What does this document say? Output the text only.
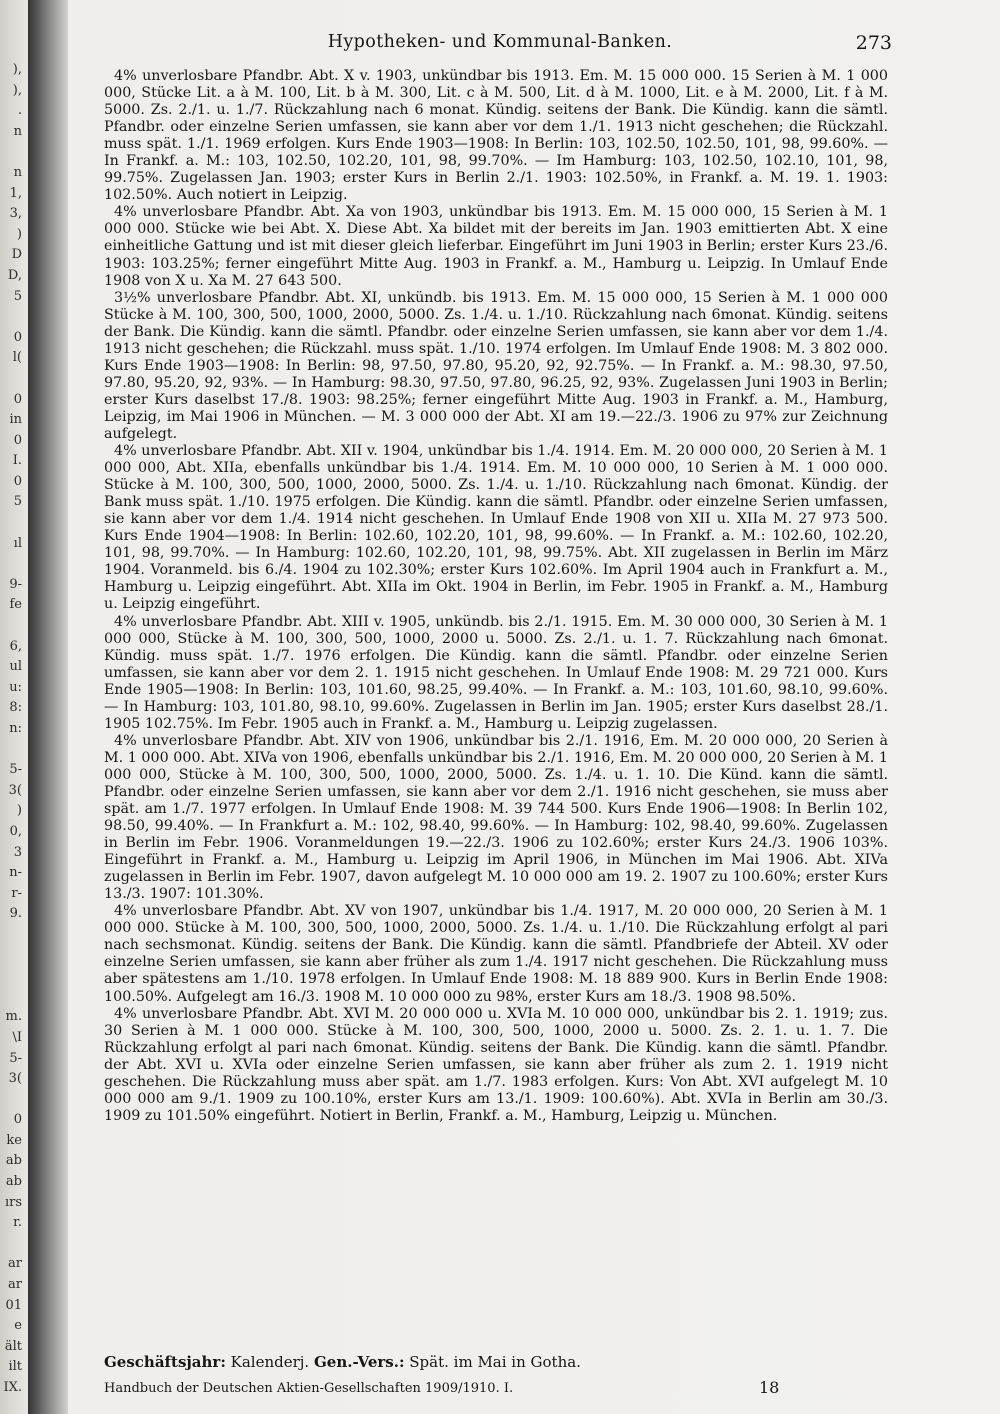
),
),
.
n
n
1,
3,
)
D
D,
5
0
l(
0
in
0
I.
0
5
ıl
9-
fe
6,
ul
u:
8:
n:
5-
3(
)
0,
3
n-
r-
9.
m.
\I
5-
3(
0
ke
ab
ab
ırs
r.
ar
ar
01
e
ält
ilt
IX.
Hypotheken- und Kommunal-Banken.	273

4% unverlosbare Pfandbr. Abt. X v. 1903, unkündbar bis 1913. Em. M. 15 000 000. 15 Serien à M. 1 000 000, Stücke Lit. a à M. 100, Lit. b à M. 300, Lit. c à M. 500, Lit. d à M. 1000, Lit. e à M. 2000, Lit. f à M. 5000. Zs. 2./1. u. 1./7. Rückzahlung nach 6 monat. Kündig. seitens der Bank. Die Kündig. kann die sämtl. Pfandbr. oder einzelne Serien umfassen, sie kann aber vor dem 1./1. 1913 nicht geschehen; die Rückzahl. muss spät. 1./1. 1969 erfolgen. Kurs Ende 1903—1908: In Berlin: 103, 102.50, 102.50, 101, 98, 99.60%. — In Frankf. a. M.: 103, 102.50, 102.20, 101, 98, 99.70%. — Im Hamburg: 103, 102.50, 102.10, 101, 98, 99.75%. Zugelassen Jan. 1903; erster Kurs in Berlin 2./1. 1903: 102.50%, in Frankf. a. M. 19. 1. 1903: 102.50%. Auch notiert in Leipzig.

4% unverlosbare Pfandbr. Abt. Xa von 1903, unkündbar bis 1913. Em. M. 15 000 000, 15 Serien à M. 1 000 000. Stücke wie bei Abt. X. Diese Abt. Xa bildet mit der bereits im Jan. 1903 emittierten Abt. X eine einheitliche Gattung und ist mit dieser gleich lieferbar. Eingeführt im Juni 1903 in Berlin; erster Kurs 23./6. 1903: 103.25%; ferner eingeführt Mitte Aug. 1903 in Frankf. a. M., Hamburg u. Leipzig. In Umlauf Ende 1908 von X u. Xa M. 27 643 500.

3½% unverlosbare Pfandbr. Abt. XI, unkündb. bis 1913. Em. M. 15 000 000, 15 Serien à M. 1 000 000 Stücke à M. 100, 300, 500, 1000, 2000, 5000. Zs. 1./4. u. 1./10. Rückzahlung nach 6monat. Kündig. seitens der Bank. Die Kündig. kann die sämtl. Pfandbr. oder einzelne Serien umfassen, sie kann aber vor dem 1./4. 1913 nicht geschehen; die Rückzahl. muss spät. 1./10. 1974 erfolgen. Im Umlauf Ende 1908: M. 3 802 000. Kurs Ende 1903—1908: In Berlin: 98, 97.50, 97.80, 95.20, 92, 92.75%. — In Frankf. a. M.: 98.30, 97.50, 97.80, 95.20, 92, 93%. — In Hamburg: 98.30, 97.50, 97.80, 96.25, 92, 93%. Zugelassen Juni 1903 in Berlin; erster Kurs daselbst 17./8. 1903: 98.25%; ferner eingeführt Mitte Aug. 1903 in Frankf. a. M., Hamburg, Leipzig, im Mai 1906 in München. — M. 3 000 000 der Abt. XI am 19.—22./3. 1906 zu 97% zur Zeichnung aufgelegt.

4% unverlosbare Pfandbr. Abt. XII v. 1904, unkündbar bis 1./4. 1914. Em. M. 20 000 000, 20 Serien à M. 1 000 000, Abt. XIIa, ebenfalls unkündbar bis 1./4. 1914. Em. M. 10 000 000, 10 Serien à M. 1 000 000. Stücke à M. 100, 300, 500, 1000, 2000, 5000. Zs. 1./4. u. 1./10. Rückzahlung nach 6monat. Kündig. der Bank muss spät. 1./10. 1975 erfolgen. Die Kündig. kann die sämtl. Pfandbr. oder einzelne Serien umfassen, sie kann aber vor dem 1./4. 1914 nicht geschehen. In Umlauf Ende 1908 von XII u. XIIa M. 27 973 500. Kurs Ende 1904—1908: In Berlin: 102.60, 102.20, 101, 98, 99.60%. — In Frankf. a. M.: 102.60, 102.20, 101, 98, 99.70%. — In Hamburg: 102.60, 102.20, 101, 98, 99.75%. Abt. XII zugelassen in Berlin im März 1904. Voranmeld. bis 6./4. 1904 zu 102.30%; erster Kurs 102.60%. Im April 1904 auch in Frankfurt a. M., Hamburg u. Leipzig eingeführt. Abt. XIIa im Okt. 1904 in Berlin, im Febr. 1905 in Frankf. a. M., Hamburg u. Leipzig eingeführt.

4% unverlosbare Pfandbr. Abt. XIII v. 1905, unkündb. bis 2./1. 1915. Em. M. 30 000 000, 30 Serien à M. 1 000 000, Stücke à M. 100, 300, 500, 1000, 2000 u. 5000. Zs. 2./1. u. 1. 7. Rückzahlung nach 6monat. Kündig. muss spät. 1./7. 1976 erfolgen. Die Kündig. kann die sämtl. Pfandbr. oder einzelne Serien umfassen, sie kann aber vor dem 2. 1. 1915 nicht geschehen. In Umlauf Ende 1908: M. 29 721 000. Kurs Ende 1905—1908: In Berlin: 103, 101.60, 98.25, 99.40%. — In Frankf. a. M.: 103, 101.60, 98.10, 99.60%. — In Hamburg: 103, 101.80, 98.10, 99.60%. Zugelassen in Berlin im Jan. 1905; erster Kurs daselbst 28./1. 1905 102.75%. Im Febr. 1905 auch in Frankf. a. M., Hamburg u. Leipzig zugelassen.

4% unverlosbare Pfandbr. Abt. XIV von 1906, unkündbar bis 2./1. 1916, Em. M. 20 000 000, 20 Serien à M. 1 000 000. Abt. XIVa von 1906, ebenfalls unkündbar bis 2./1. 1916, Em. M. 20 000 000, 20 Serien à M. 1 000 000, Stücke à M. 100, 300, 500, 1000, 2000, 5000. Zs. 1./4. u. 1. 10. Die Künd. kann die sämtl. Pfandbr. oder einzelne Serien umfassen, sie kann aber vor dem 2./1. 1916 nicht geschehen, sie muss aber spät. am 1./7. 1977 erfolgen. In Umlauf Ende 1908: M. 39 744 500. Kurs Ende 1906—1908: In Berlin 102, 98.50, 99.40%. — In Frankfurt a. M.: 102, 98.40, 99.60%. — In Hamburg: 102, 98.40, 99.60%. Zugelassen in Berlin im Febr. 1906. Voranmeldungen 19.—22./3. 1906 zu 102.60%; erster Kurs 24./3. 1906 103%. Eingeführt in Frankf. a. M., Hamburg u. Leipzig im April 1906, in München im Mai 1906. Abt. XIVa zugelassen in Berlin im Febr. 1907, davon aufgelegt M. 10 000 000 am 19. 2. 1907 zu 100.60%; erster Kurs 13./3. 1907: 101.30%.

4% unverlosbare Pfandbr. Abt. XV von 1907, unkündbar bis 1./4. 1917, M. 20 000 000, 20 Serien à M. 1 000 000. Stücke à M. 100, 300, 500, 1000, 2000, 5000. Zs. 1./4. u. 1./10. Die Rückzahlung erfolgt al pari nach sechsmonat. Kündig. seitens der Bank. Die Kündig. kann die sämtl. Pfandbriefe der Abteil. XV oder einzelne Serien umfassen, sie kann aber früher als zum 1./4. 1917 nicht geschehen. Die Rückzahlung muss aber spätestens am 1./10. 1978 erfolgen. In Umlauf Ende 1908: M. 18 889 900. Kurs in Berlin Ende 1908: 100.50%. Aufgelegt am 16./3. 1908 M. 10 000 000 zu 98%, erster Kurs am 18./3. 1908 98.50%.

4% unverlosbare Pfandbr. Abt. XVI M. 20 000 000 u. XVIa M. 10 000 000, unkündbar bis 2. 1. 1919; zus. 30 Serien à M. 1 000 000. Stücke à M. 100, 300, 500, 1000, 2000 u. 5000. Zs. 2. 1. u. 1. 7. Die Rückzahlung erfolgt al pari nach 6monat. Kündig. seitens der Bank. Die Kündig. kann die sämtl. Pfandbr. der Abt. XVI u. XVIa oder einzelne Serien umfassen, sie kann aber früher als zum 2. 1. 1919 nicht geschehen. Die Rückzahlung muss aber spät. am 1./7. 1983 erfolgen. Kurs: Von Abt. XVI aufgelegt M. 10 000 000 am 9./1. 1909 zu 100.10%, erster Kurs am 13./1. 1909: 100.60%). Abt. XVIa in Berlin am 30./3. 1909 zu 101.50% eingeführt. Notiert in Berlin, Frankf. a. M., Hamburg, Leipzig u. München.

Geschäftsjahr: Kalenderj. Gen.-Vers.: Spät. im Mai in Gotha.
Handbuch der Deutschen Aktien-Gesellschaften 1909/1910. I.	18
